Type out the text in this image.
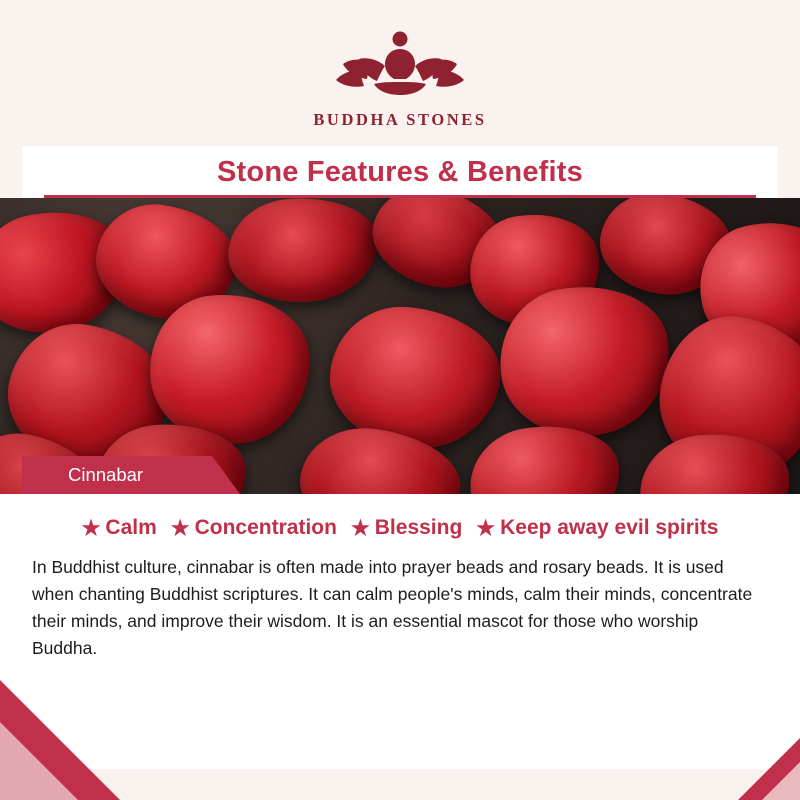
BUDDHA STONES
Stone Features & Benefits
Cinnabar
★ Calm ★ Concentration ★ Blessing ★ Keep away evil spirits
In Buddhist culture, cinnabar is often made into prayer beads and rosary beads. It is used when chanting Buddhist scriptures. It can calm people's minds, calm their minds, concentrate their minds, and improve their wisdom. It is an essential mascot for those who worship Buddha.
